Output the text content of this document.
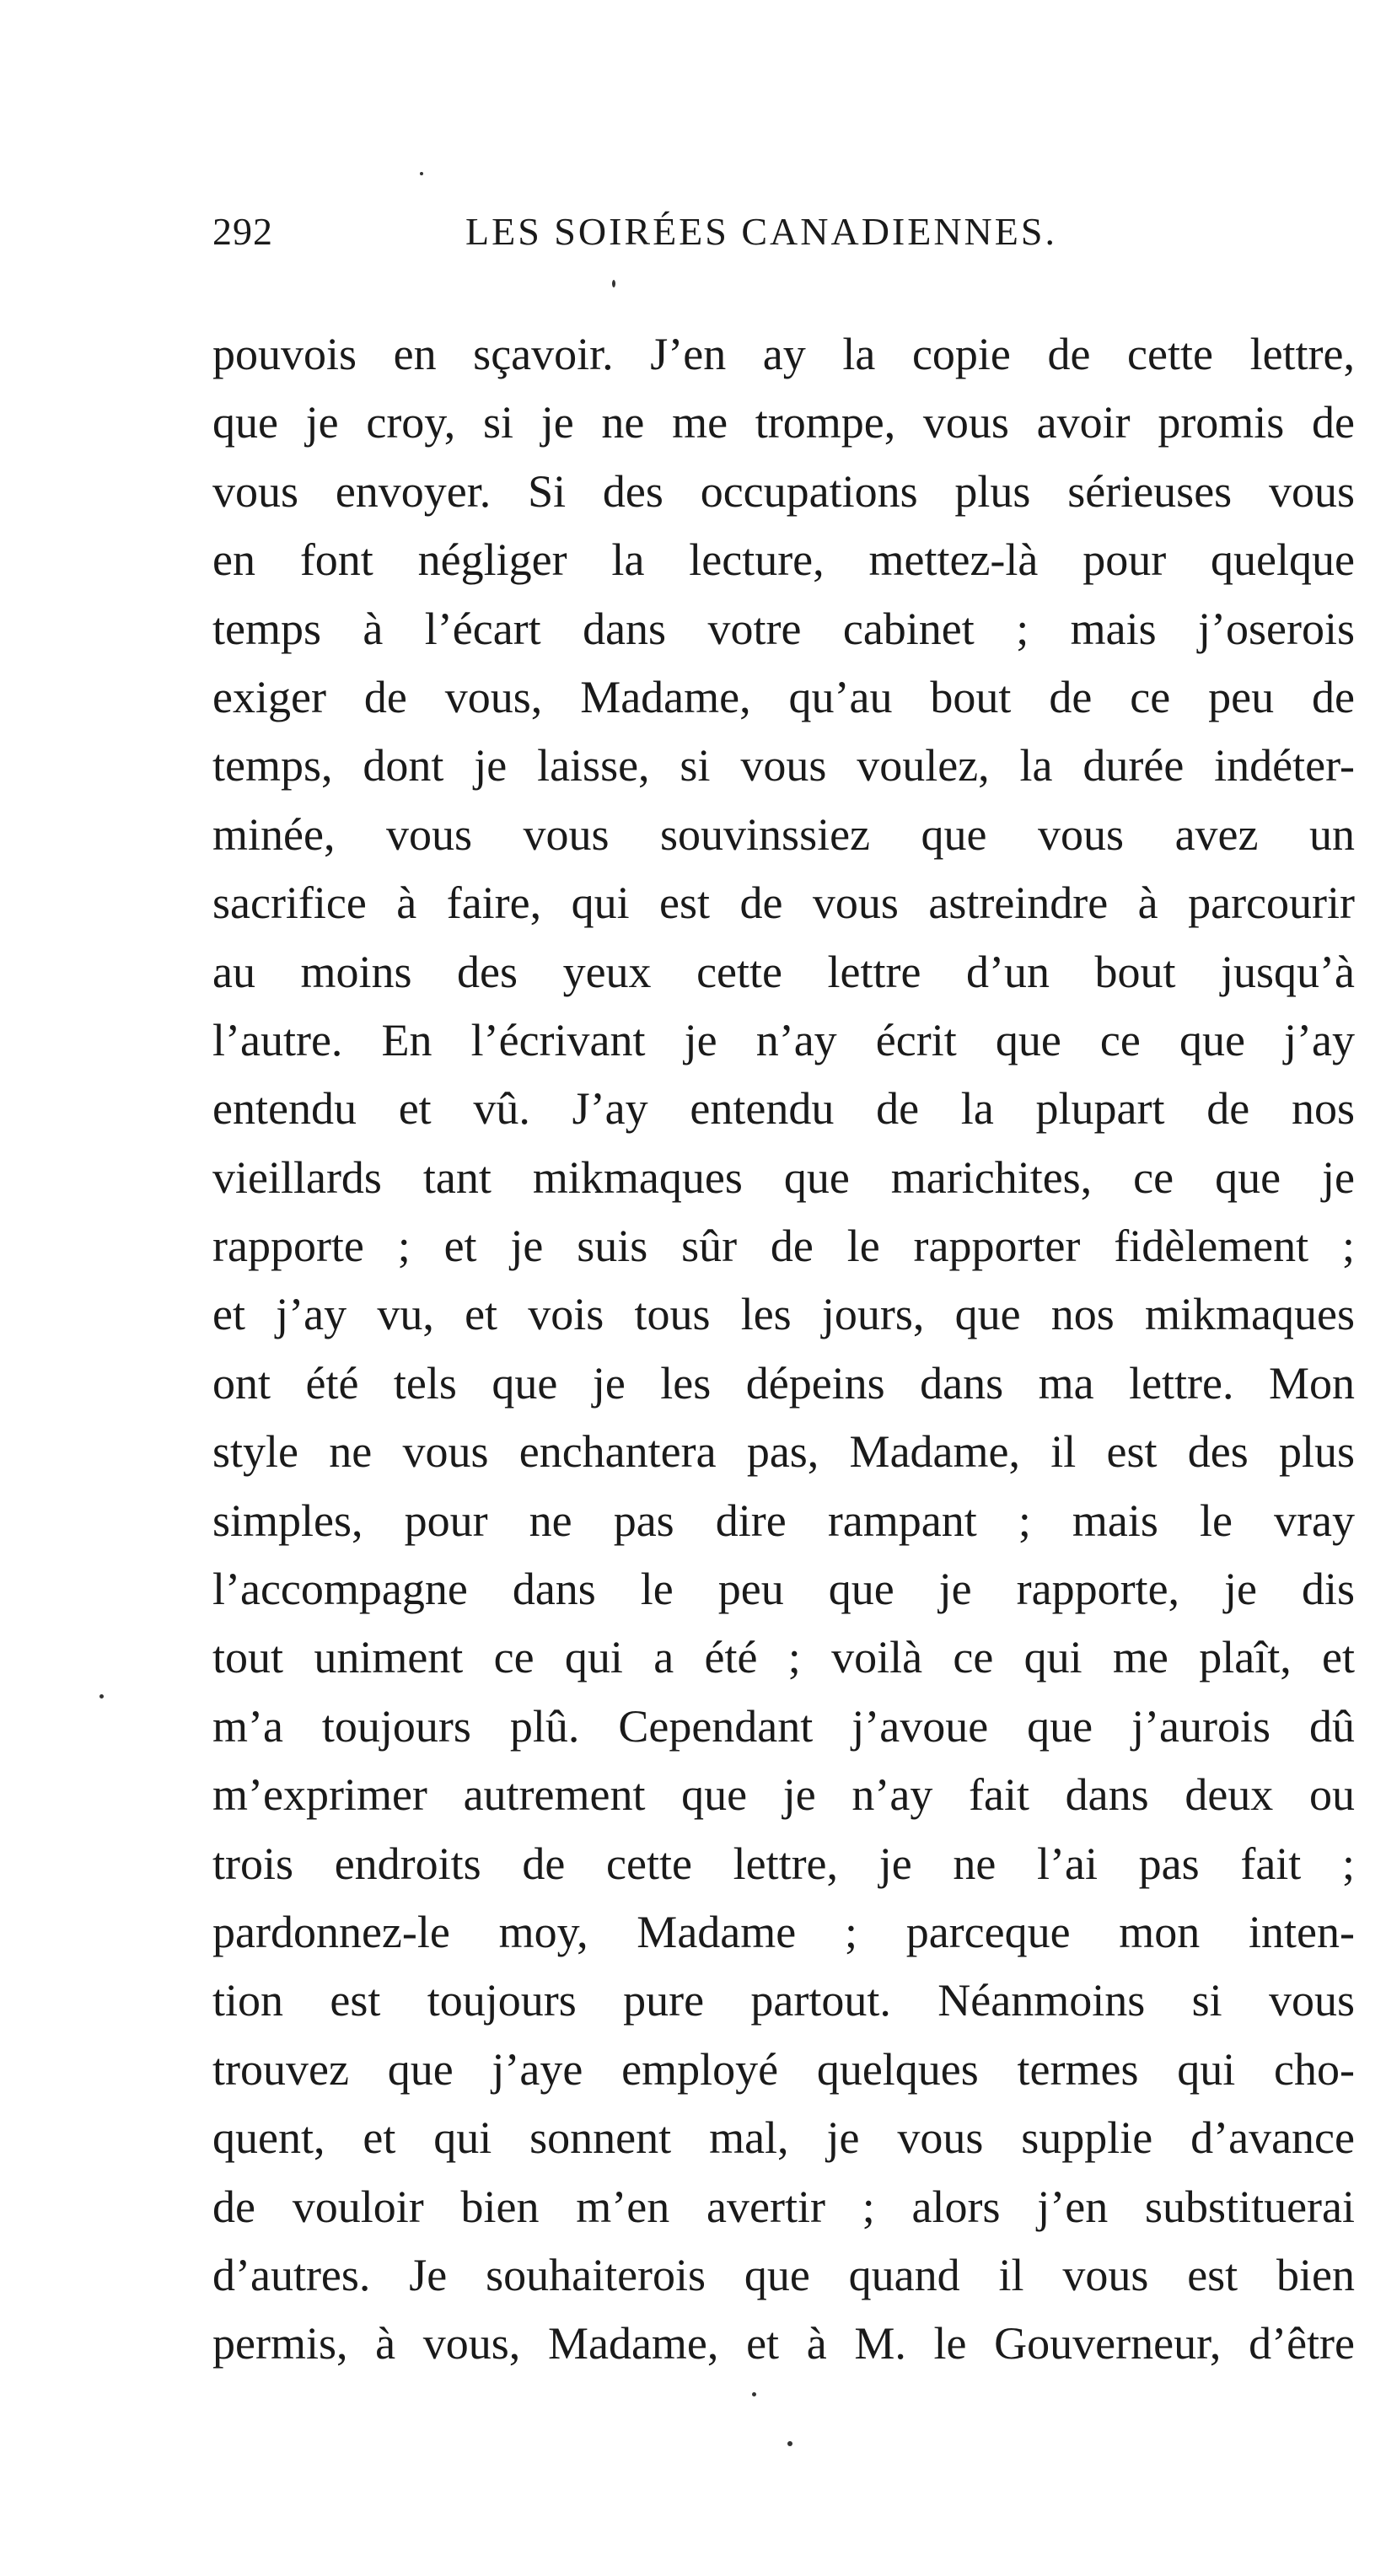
292	LES SOIRÉES CANADIENNES.
pouvois en sçavoir. J’en ay la copie de cette lettre,
que je croy, si je ne me trompe, vous avoir promis de
vous envoyer. Si des occupations plus sérieuses vous
en font négliger la lecture, mettez-là pour quelque
temps à l’écart dans votre cabinet ; mais j’oserois
exiger de vous, Madame, qu’au bout de ce peu de
temps, dont je laisse, si vous voulez, la durée indéter-
minée, vous vous souvinssiez que vous avez un
sacrifice à faire, qui est de vous astreindre à parcourir
au moins des yeux cette lettre d’un bout jusqu’à
l’autre. En l’écrivant je n’ay écrit que ce que j’ay
entendu et vû. J’ay entendu de la plupart de nos
vieillards tant mikmaques que marichites, ce que je
rapporte ; et je suis sûr de le rapporter fidèlement ;
et j’ay vu, et vois tous les jours, que nos mikmaques
ont été tels que je les dépeins dans ma lettre. Mon
style ne vous enchantera pas, Madame, il est des plus
simples, pour ne pas dire rampant ; mais le vray
l’accompagne dans le peu que je rapporte, je dis
tout uniment ce qui a été ; voilà ce qui me plaît, et
m’a toujours plû. Cependant j’avoue que j’aurois dû
m’exprimer autrement que je n’ay fait dans deux ou
trois endroits de cette lettre, je ne l’ai pas fait ;
pardonnez-le moy, Madame ; parceque mon inten-
tion est toujours pure partout. Néanmoins si vous
trouvez que j’aye employé quelques termes qui cho-
quent, et qui sonnent mal, je vous supplie d’avance
de vouloir bien m’en avertir ; alors j’en substituerai
d’autres. Je souhaiterois que quand il vous est bien
permis, à vous, Madame, et à M. le Gouverneur, d’être
